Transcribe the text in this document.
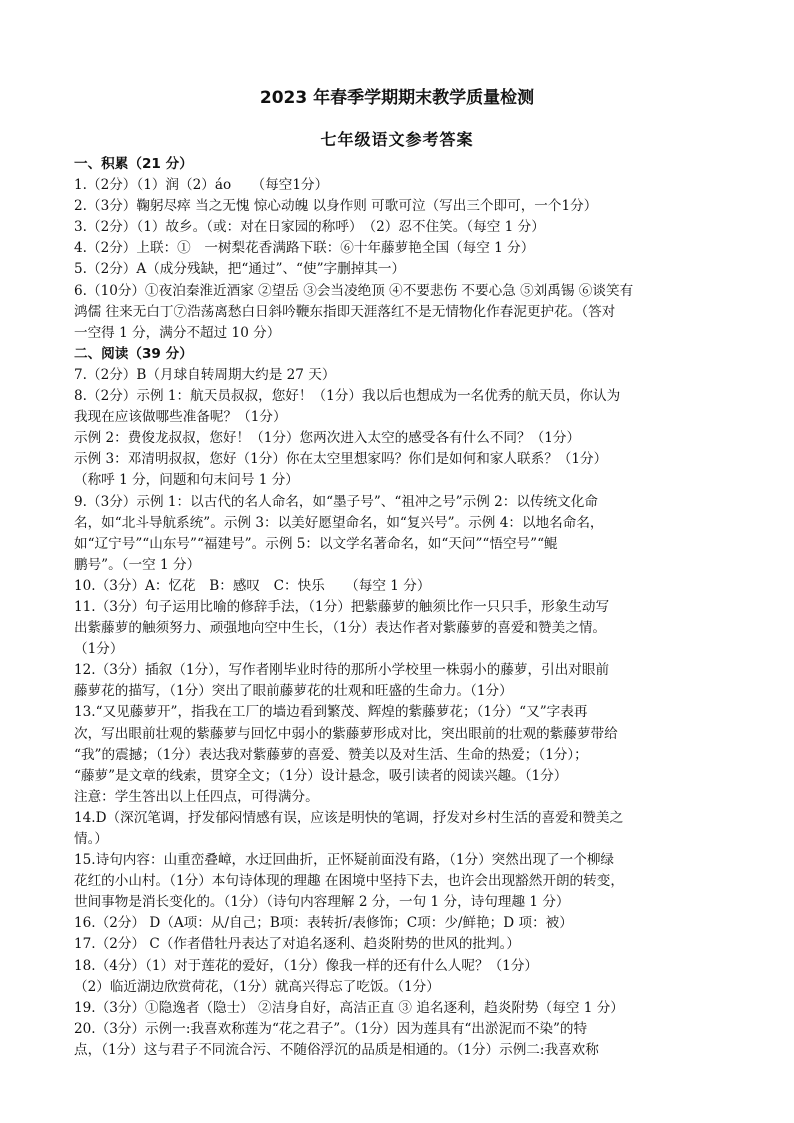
2023 年春季学期期末教学质量检测
七年级语文参考答案
一、积累（21 分）
1.（2分）（1）润（2）áo　　（每空1分）
2.（3分）鞠躬尽瘁 当之无愧 惊心动魄 以身作则 可歌可泣（写出三个即可，一个1分）
3.（2分）（1）故乡。（或：对在日家园的称呼）　（2）忍不住笑。（每空 1 分）
4.（2分）上联：①　一树梨花香满路下联：⑥十年藤萝艳全国（每空 1 分）
5.（2分）A（成分残缺，把“通过”、“使”字删掉其一）
6.（10分）①夜泊秦淮近酒家 ②望岳 ③会当凌绝顶 ④不要悲伤 不要心急 ⑤刘禹锡 ⑥谈笑有
鸿儒 往来无白丁⑦浩荡离愁白日斜吟鞭东指即天涯落红不是无情物化作春泥更护花。（答对
一空得 1 分，满分不超过 10 分）
二、阅读（39 分）
7.（2分）B（月球自转周期大约是 27 天）
8.（2分）示例 1：航天员叔叔，您好！（1分）我以后也想成为一名优秀的航天员，你认为
我现在应该做哪些准备呢？（1分）
示例 2：费俊龙叔叔，您好！（1分）您两次进入太空的感受各有什么不同？（1分）
示例 3：邓清明叔叔，您好（1分）你在太空里想家吗？你们是如何和家人联系？（1分）
（称呼 1 分，问题和句末问号 1 分）
9.（3分）示例 1：以古代的名人命名，如“墨子号”、“祖冲之号”示例 2：以传统文化命
名，如“北斗导航系统”。示例 3：以美好愿望命名，如“复兴号”。示例 4：以地名命名，
如“辽宁号”“山东号”“福建号”。示例 5：以文学名著命名，如“天问”“悟空号”“鲲
鹏号”。（一空 1 分）
10.（3分）A：忆花　B：感叹　C：快乐　　（每空 1 分）
11.（3分）句子运用比喻的修辞手法，（1分）把紫藤萝的触须比作一只只手，形象生动写
出紫藤萝的触须努力、顽强地向空中生长，（1分）表达作者对紫藤萝的喜爱和赞美之情。
（1分）
12.（3分）插叙（1分），写作者刚毕业时待的那所小学校里一株弱小的藤萝，引出对眼前
藤萝花的描写，（1分）突出了眼前藤萝花的壮观和旺盛的生命力。（1分）
13.“又见藤萝开”，指我在工厂的墙边看到繁茂、辉煌的紫藤萝花；（1分）“又”字表再
次，写出眼前壮观的紫藤萝与回忆中弱小的紫藤萝形成对比，突出眼前的壮观的紫藤萝带给
“我”的震撼；（1分）表达我对紫藤萝的喜爱、赞美以及对生活、生命的热爱；（1分）；
“藤萝”是文章的线索，贯穿全文；（1分）设计悬念，吸引读者的阅读兴趣。（1分）
注意：学生答出以上任四点，可得满分。
14.D（深沉笔调，抒发郁闷情感有误，应该是明快的笔调，抒发对乡村生活的喜爱和赞美之
情。）
15.诗句内容：山重峦叠嶂，水迂回曲折，正怀疑前面没有路，（1分）突然出现了一个柳绿
花红的小山村。（1分）本句诗体现的理趣 在困境中坚持下去，也许会出现豁然开朗的转变，
世间事物是消长变化的。（1分）（诗句内容理解 2 分，一句 1 分，诗句理趣 1 分）
16.（2分） D（A项：从/自己；B项：表转折/表修饰；C项：少/鲜艳；D 项：被）
17.（2分） C（作者借牡丹表达了对追名逐利、趋炎附势的世风的批判。）
18.（4分）（1）对于莲花的爱好，（1分）像我一样的还有什么人呢？（1分）
（2）临近湖边欣赏荷花，（1分）就高兴得忘了吃饭。（1分）
19.（3分）①隐逸者（隐士） ②洁身自好，高洁正直 ③ 追名逐利，趋炎附势（每空 1 分）
20.（3分）示例一:我喜欢称莲为“花之君子”。（1分）因为莲具有“出淤泥而不染”的特
点，（1分）这与君子不同流合污、不随俗浮沉的品质是相通的。（1分）示例二:我喜欢称
